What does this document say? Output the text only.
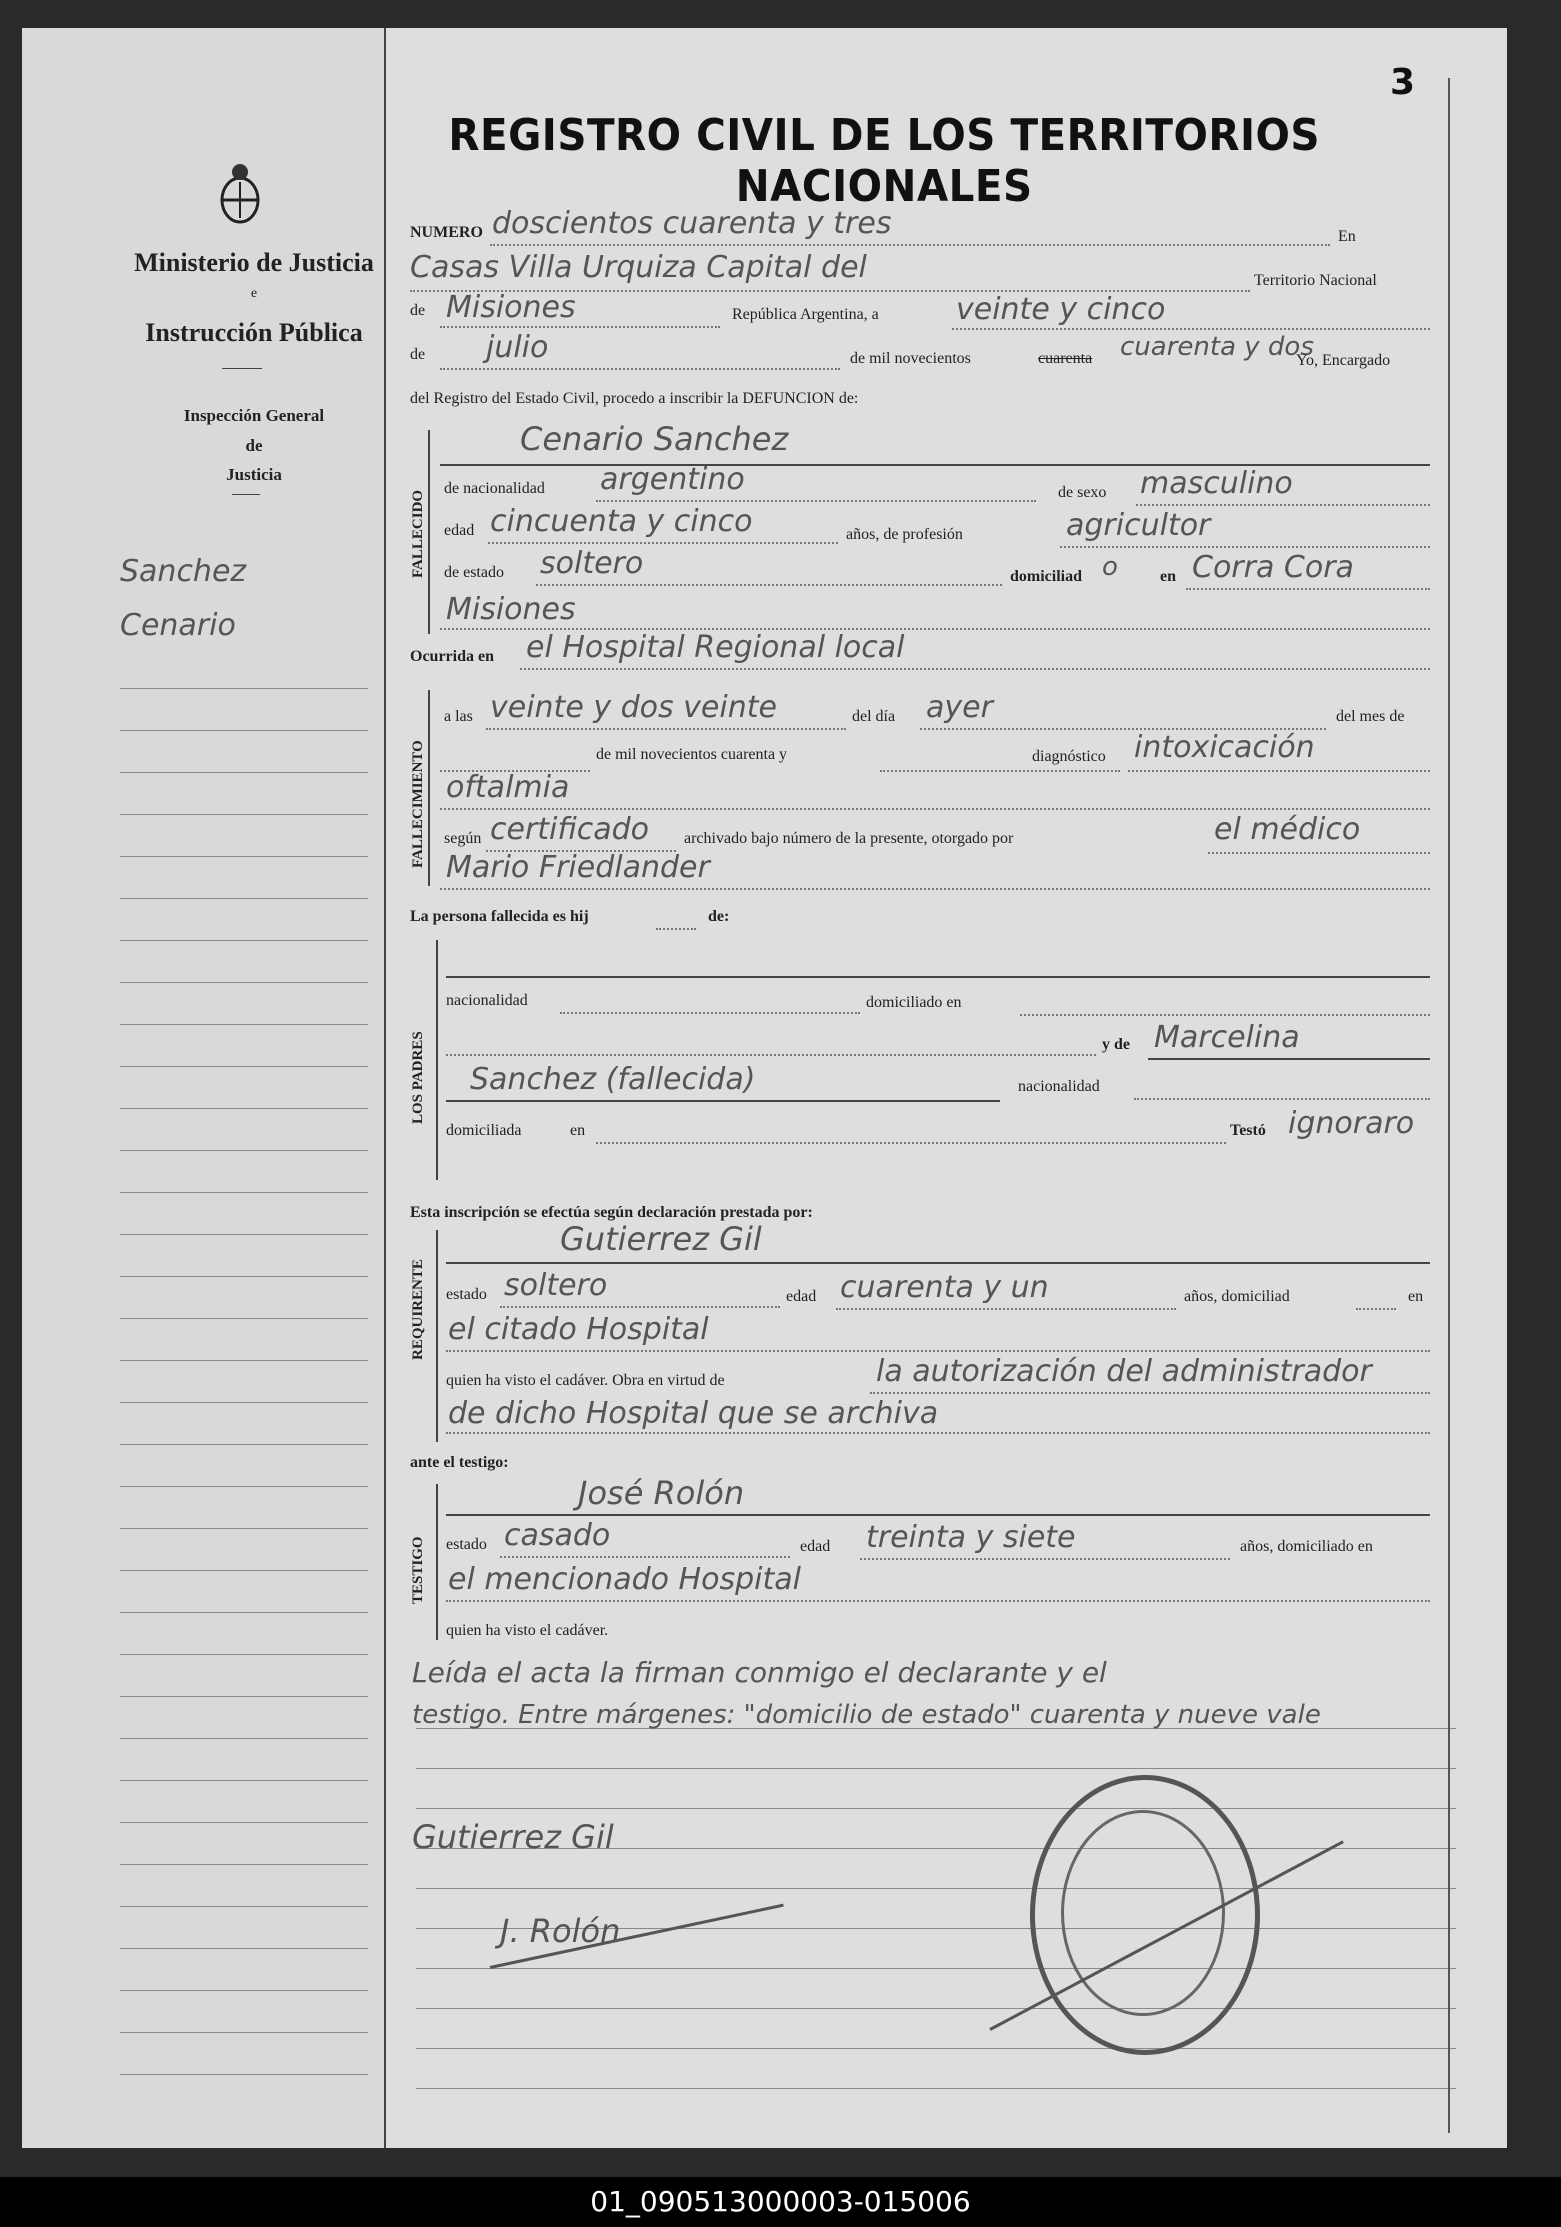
Ministerio de Justicia
e
Instrucción Pública
Inspección General
de
Justicia
Sanchez
Cenario
3
REGISTRO CIVIL DE LOS TERRITORIOS NACIONALES
NUMERO doscientos cuarenta y tres	En
Casas Villa Urquiza Capital del	Territorio Nacional
de Misiones	República Argentina, a	veinte y cinco
de julio	de mil novecientos	cuarenta cuarenta y dos
Yo, Encargado
del Registro del Estado Civil, procedo a inscribir la DEFUNCION de:
FALLECIDO
Cenario Sanchez
de nacionalidad argentino	de sexo masculino
edad cincuenta y cinco	años, de profesión	agricultor
de estado soltero	domiciliad o	en Corra Cora
Misiones
Ocurrida en el Hospital Regional local
FALLECIMIENTO
a las veinte y dos veinte	del día ayer	del mes de
de mil novecientos cuarenta y	diagnóstico intoxicación
oftalmia
según certificado archivado bajo número de la presente, otorgado por	el médico
Mario Friedlander
La persona fallecida es hij	de:
LOS PADRES
nacionalidad	domiciliado en
y de Marcelina
Sanchez (fallecida)	nacionalidad
domiciliada	en	Testó ignoraro
Esta inscripción se efectúa según declaración prestada por:
REQUIRENTE
Gutierrez Gil
estado soltero	edad cuarenta y un	años, domiciliad	en
el citado Hospital
quien ha visto el cadáver. Obra en virtud de	la autorización del administrador
de dicho Hospital que se archiva
ante el testigo:
TESTIGO
José Rolón
estado casado	edad treinta y siete	años, domiciliado en
el mencionado Hospital
quien ha visto el cadáver.
Leída el acta la firman conmigo el declarante y el
testigo. Entre márgenes: "domicilio de estado" cuarenta y nueve vale
Gutierrez Gil
J. Rolón
01_090513000003-015006
